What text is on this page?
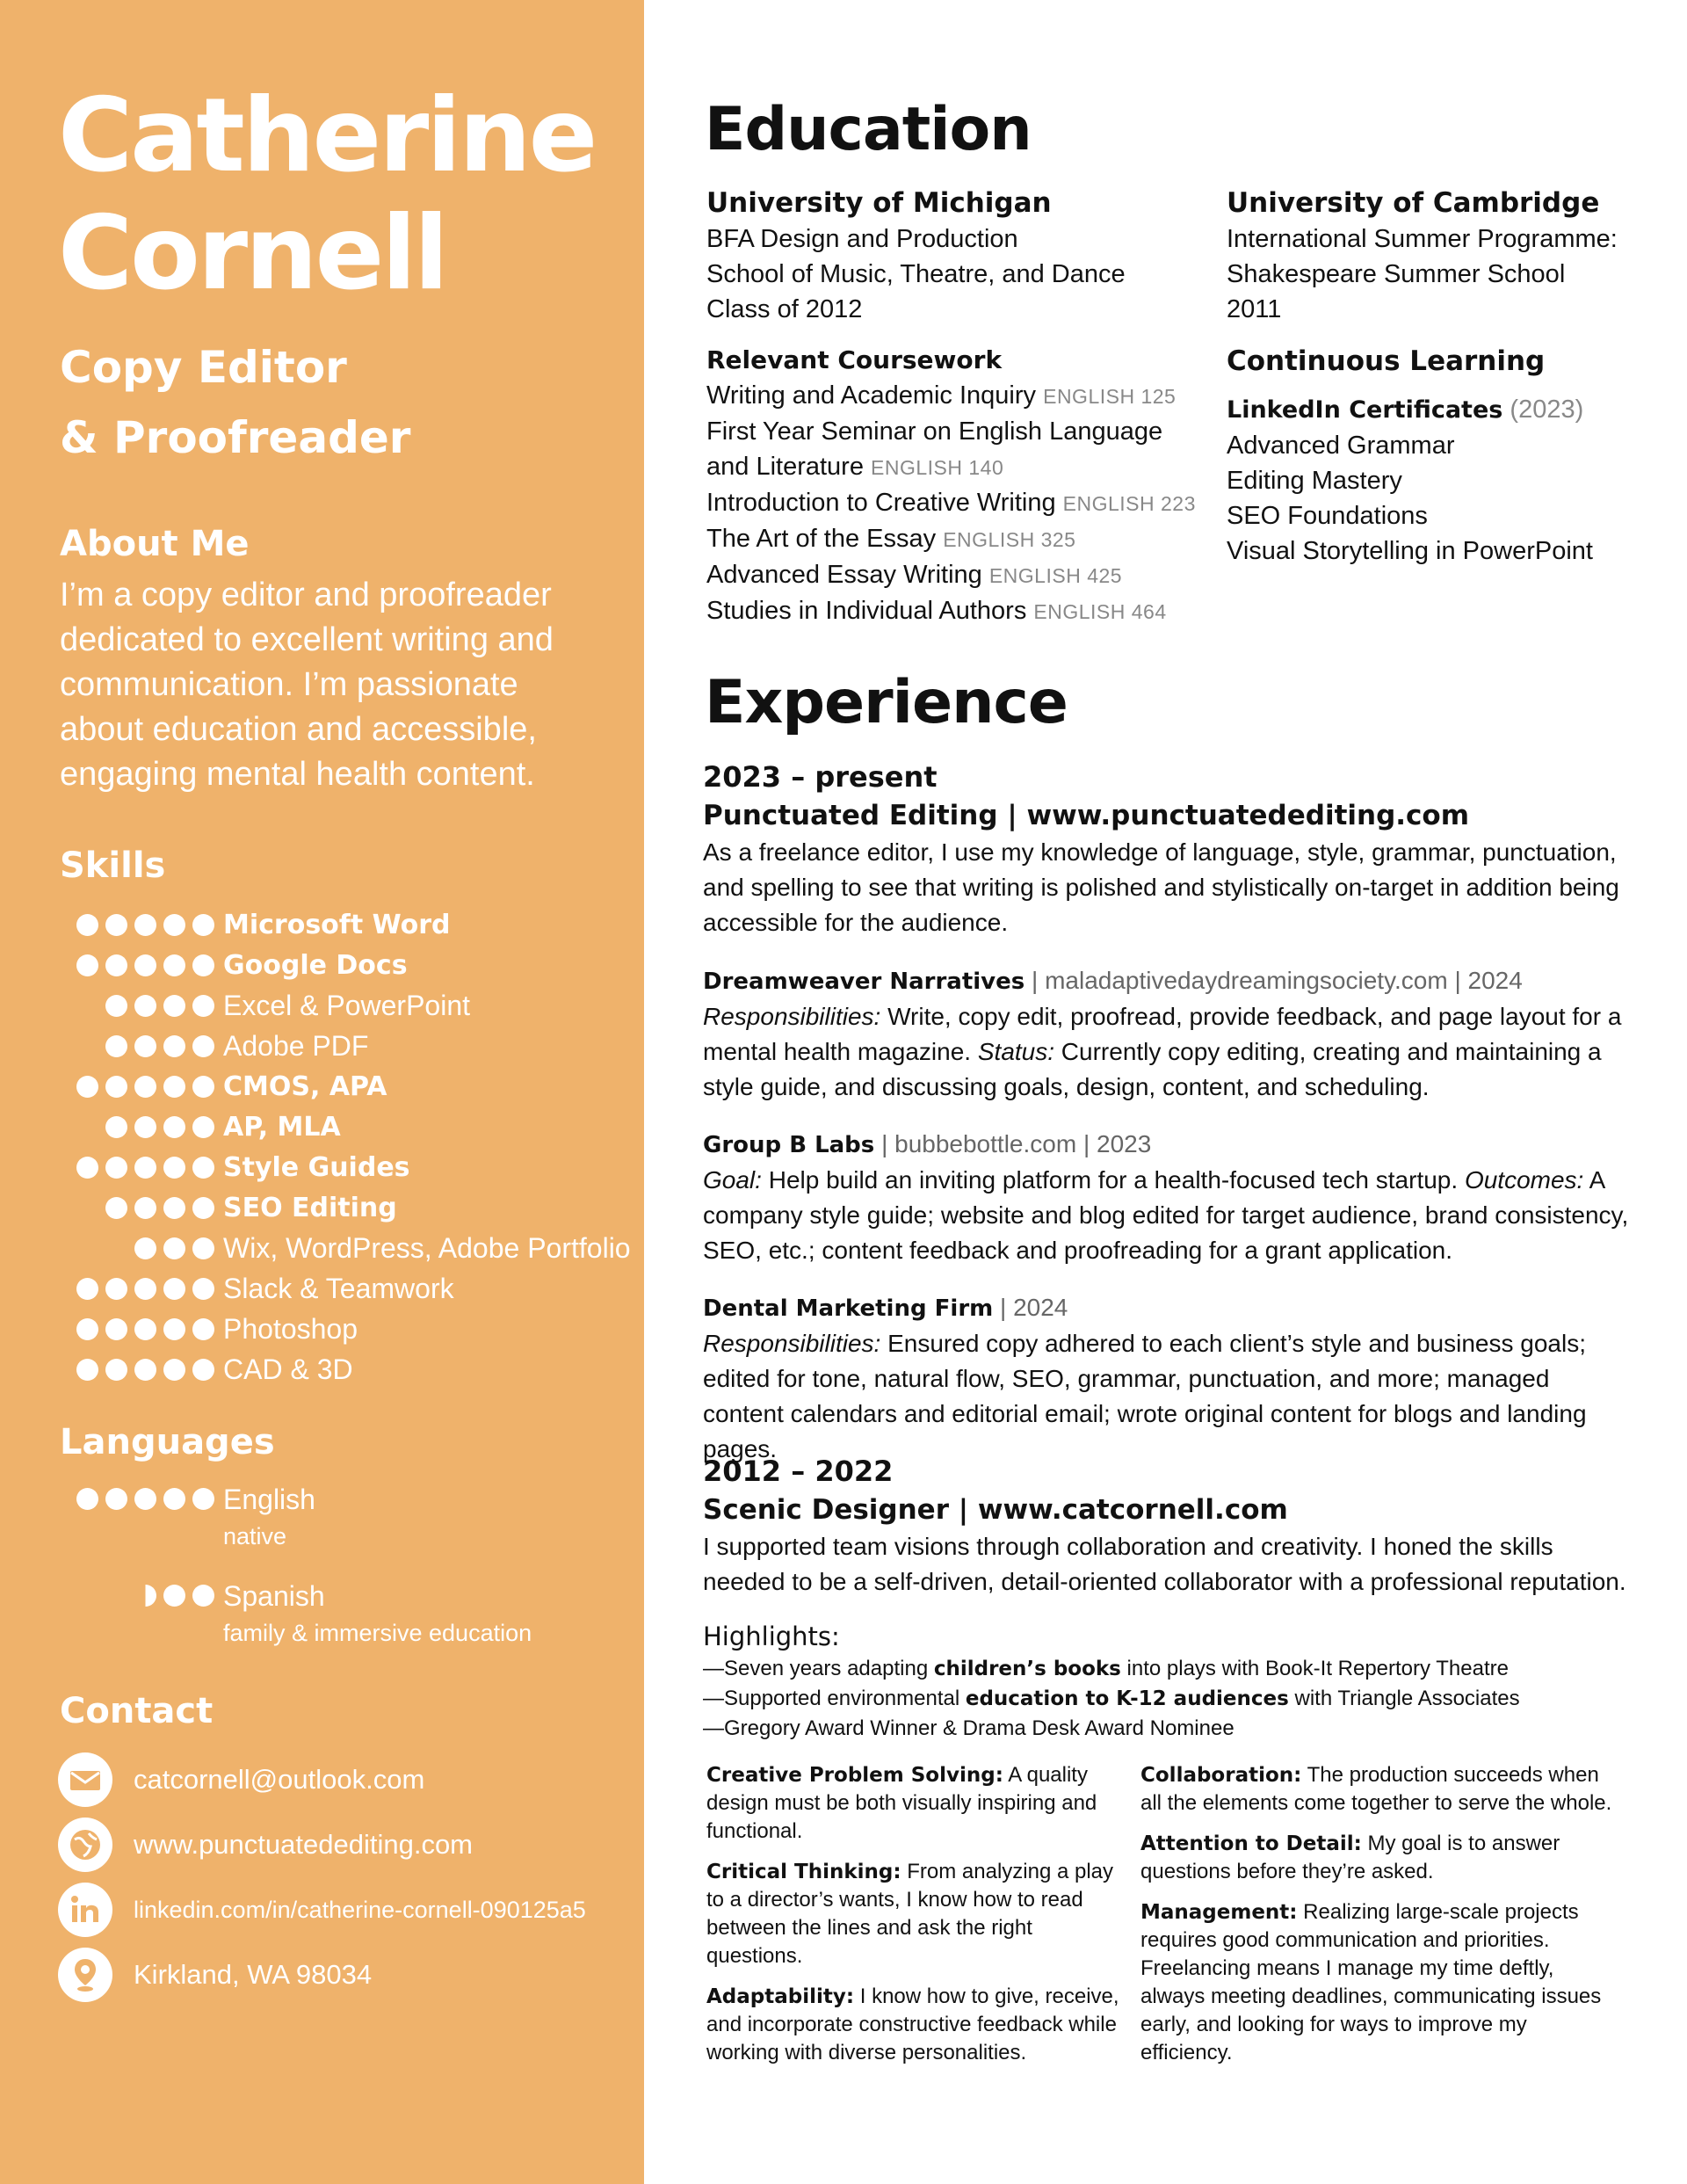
Catherine
Cornell
Copy Editor
& Proofreader
About Me

I’m a copy editor and proofreader dedicated to excellent writing and communication. I’m passionate about education and accessible, engaging mental health content.

Skills
Microsoft Word
Google Docs
Excel & PowerPoint
Adobe PDF
CMOS, APA
AP, MLA
Style Guides
SEO Editing
Wix, WordPress, Adobe Portfolio
Slack & Teamwork
Photoshop
CAD & 3D
Languages
English
native
Spanish
family & immersive education
Contact
catcornell@outlook.com
www.punctuatedediting.com
linkedin.com/in/catherine-cornell-090125a5
Kirkland, WA 98034
Education
University of Michigan
BFA Design and Production
School of Music, Theatre, and Dance
Class of 2012
Relevant Coursework
Writing and Academic Inquiry ENGLISH 125
First Year Seminar on English Language and Literature ENGLISH 140
Introduction to Creative Writing ENGLISH 223
The Art of the Essay ENGLISH 325
Advanced Essay Writing ENGLISH 425
Studies in Individual Authors ENGLISH 464
University of Cambridge
International Summer Programme:
Shakespeare Summer School
2011
Continuous Learning
LinkedIn Certificates (2023)
Advanced Grammar
Editing Mastery
SEO Foundations
Visual Storytelling in PowerPoint
Experience
2023 – present
Punctuated Editing | www.punctuatedediting.com
As a freelance editor, I use my knowledge of language, style, grammar, punctuation, and spelling to see that writing is polished and stylistically on-target in addition being accessible for the audience.
Dreamweaver Narratives | maladaptivedaydreamingsociety.com | 2024
Responsibilities: Write, copy edit, proofread, provide feedback, and page layout for a mental health magazine. Status: Currently copy editing, creating and maintaining a style guide, and discussing goals, design, content, and scheduling.
Group B Labs | bubbebottle.com | 2023
Goal: Help build an inviting platform for a health-focused tech startup. Outcomes: A company style guide; website and blog edited for target audience, brand consistency, SEO, etc.; content feedback and proofreading for a grant application.
Dental Marketing Firm | 2024
Responsibilities: Ensured copy adhered to each client’s style and business goals; edited for tone, natural flow, SEO, grammar, punctuation, and more; managed content calendars and editorial email; wrote original content for blogs and landing pages.
2012 – 2022
Scenic Designer | www.catcornell.com
I supported team visions through collaboration and creativity. I honed the skills needed to be a self-driven, detail-oriented collaborator with a professional reputation.
Highlights:
—Seven years adapting children’s books into plays with Book-It Repertory Theatre
—Supported environmental education to K-12 audiences with Triangle Associates
—Gregory Award Winner & Drama Desk Award Nominee
Creative Problem Solving: A quality design must be both visually inspiring and functional.
Critical Thinking: From analyzing a play to a director’s wants, I know how to read between the lines and ask the right questions.
Adaptability: I know how to give, receive, and incorporate constructive feedback while working with diverse personalities.
Collaboration: The production succeeds when all the elements come together to serve the whole.
Attention to Detail: My goal is to answer questions before they’re asked.
Management: Realizing large-scale projects requires good communication and priorities. Freelancing means I manage my time deftly, always meeting deadlines, communicating issues early, and looking for ways to improve my efficiency.
